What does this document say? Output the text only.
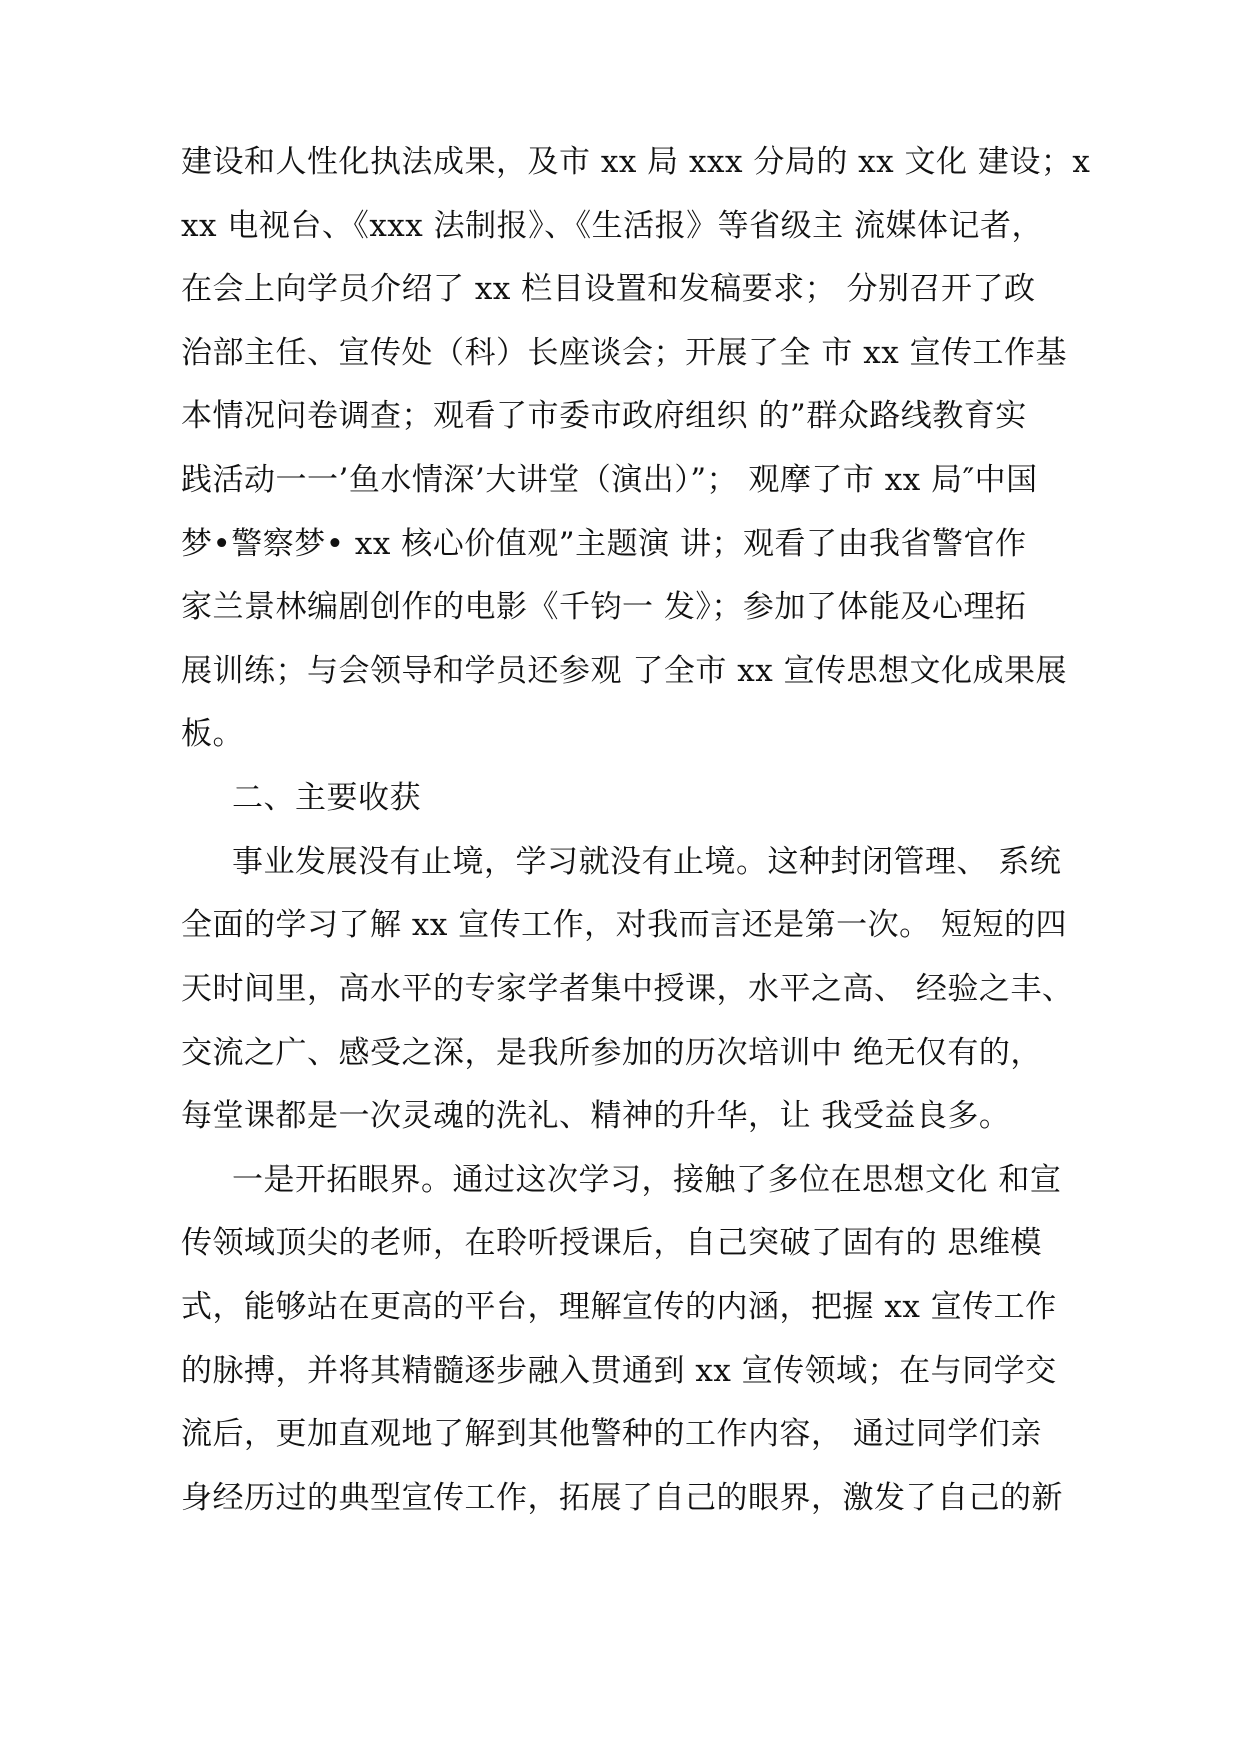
建设和人性化执法成果，及市 xx 局 xxx 分局的 xx 文化 建设；x
xx 电视台、《xxx 法制报》、《生活报》等省级主 流媒体记者，
在会上向学员介绍了 xx 栏目设置和发稿要求； 分别召开了政
治部主任、宣传处（科）长座谈会；开展了全 市 xx 宣传工作基
本情况问卷调查；观看了市委市政府组织 的”群众路线教育实
践活动一一’鱼水情深’大讲堂（演出）”； 观摩了市 xx 局″中国
梦•警察梦• xx 核心价值观”主题演 讲；观看了由我省警官作
家兰景林编剧创作的电影《千钧一 发》；参加了体能及心理拓
展训练；与会领导和学员还参观 了全市 xx 宣传思想文化成果展
板。
二、主要收获
事业发展没有止境，学习就没有止境。这种封闭管理、 系统
全面的学习了解 xx 宣传工作，对我而言还是第一次。 短短的四
天时间里，高水平的专家学者集中授课，水平之高、 经验之丰、
交流之广、感受之深，是我所参加的历次培训中 绝无仅有的，
每堂课都是一次灵魂的洗礼、精神的升华，让 我受益良多。
一是开拓眼界。通过这次学习，接触了多位在思想文化 和宣
传领域顶尖的老师，在聆听授课后，自己突破了固有的 思维模
式，能够站在更高的平台，理解宣传的内涵，把握 xx 宣传工作
的脉搏，并将其精髓逐步融入贯通到 xx 宣传领域；在与同学交
流后，更加直观地了解到其他警种的工作内容， 通过同学们亲
身经历过的典型宣传工作，拓展了自己的眼界，激发了自己的新
